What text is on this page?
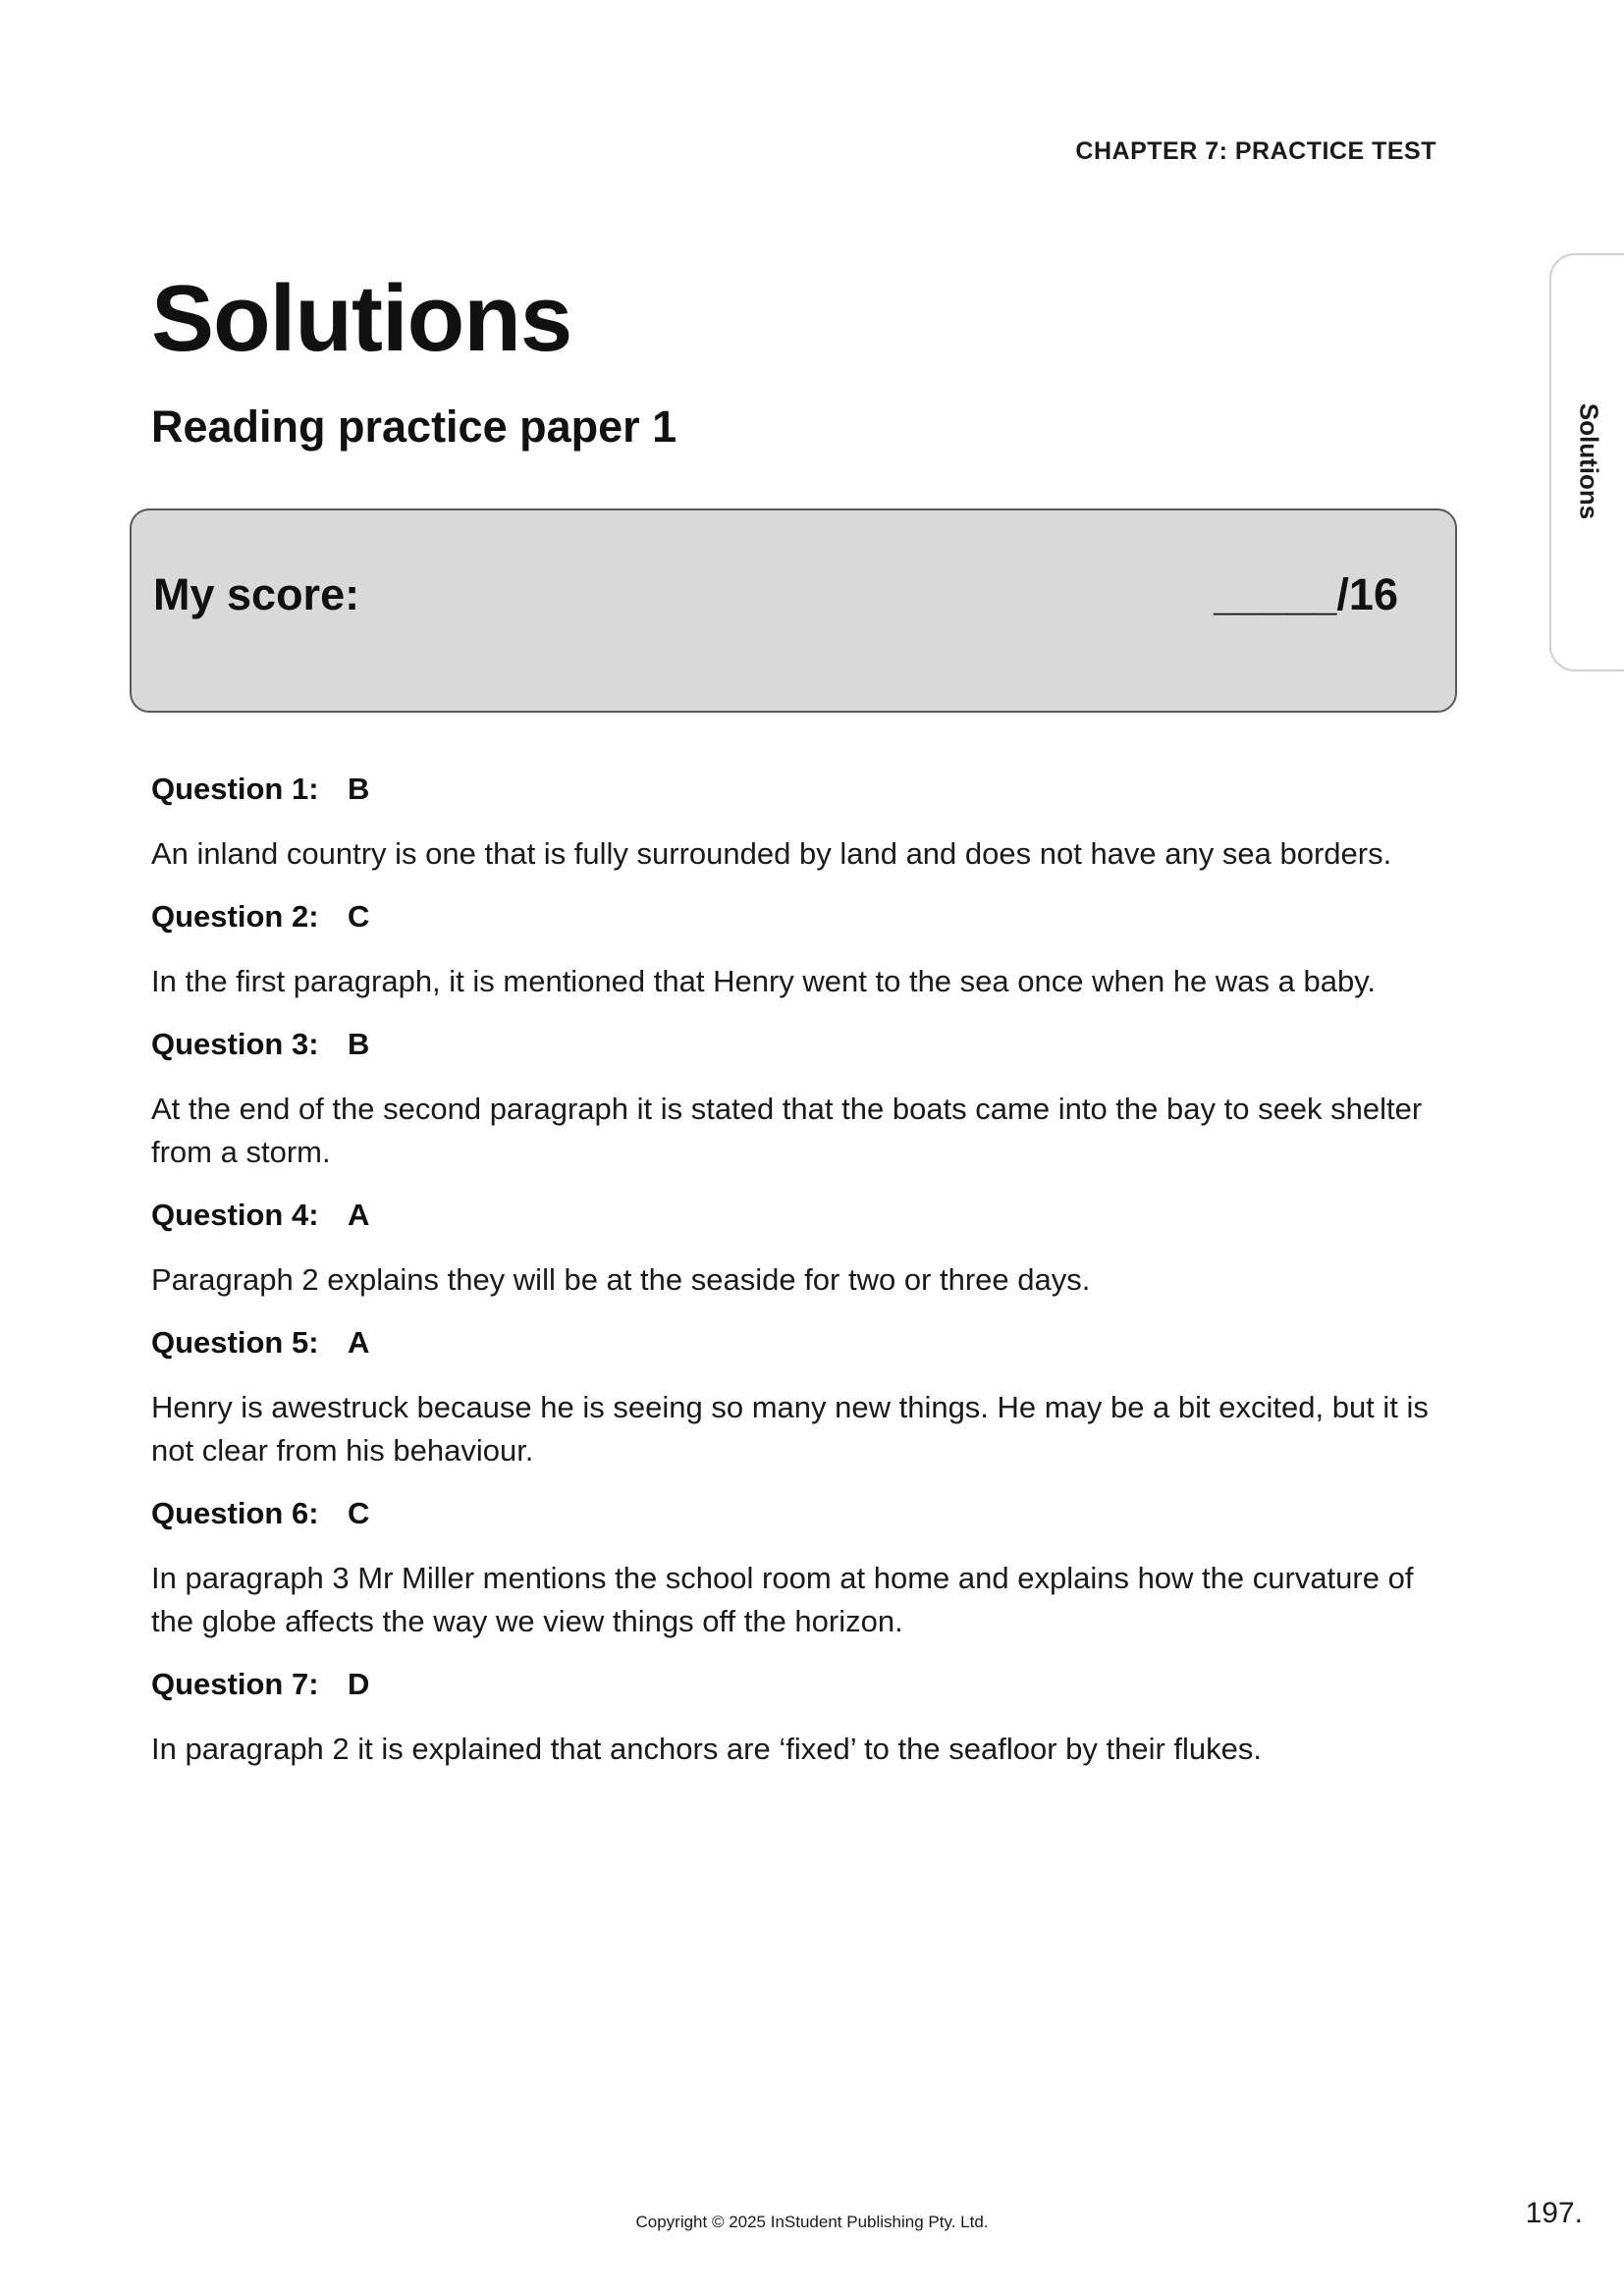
CHAPTER 7: PRACTICE TEST
Solutions
Solutions
Reading practice paper 1
My score:	_____/16

Question 1: B

An inland country is one that is fully surrounded by land and does not have any sea borders.

Question 2: C

In the first paragraph, it is mentioned that Henry went to the sea once when he was a baby.

Question 3: B

At the end of the second paragraph it is stated that the boats came into the bay to seek shelter from a storm.

Question 4: A

Paragraph 2 explains they will be at the seaside for two or three days.

Question 5: A

Henry is awestruck because he is seeing so many new things. He may be a bit excited, but it is not clear from his behaviour.

Question 6: C

In paragraph 3 Mr Miller mentions the school room at home and explains how the curvature of the globe affects the way we view things off the horizon.

Question 7: D

In paragraph 2 it is explained that anchors are ‘fixed’ to the seafloor by their flukes.

Copyright © 2025 InStudent Publishing Pty. Ltd.	197.
